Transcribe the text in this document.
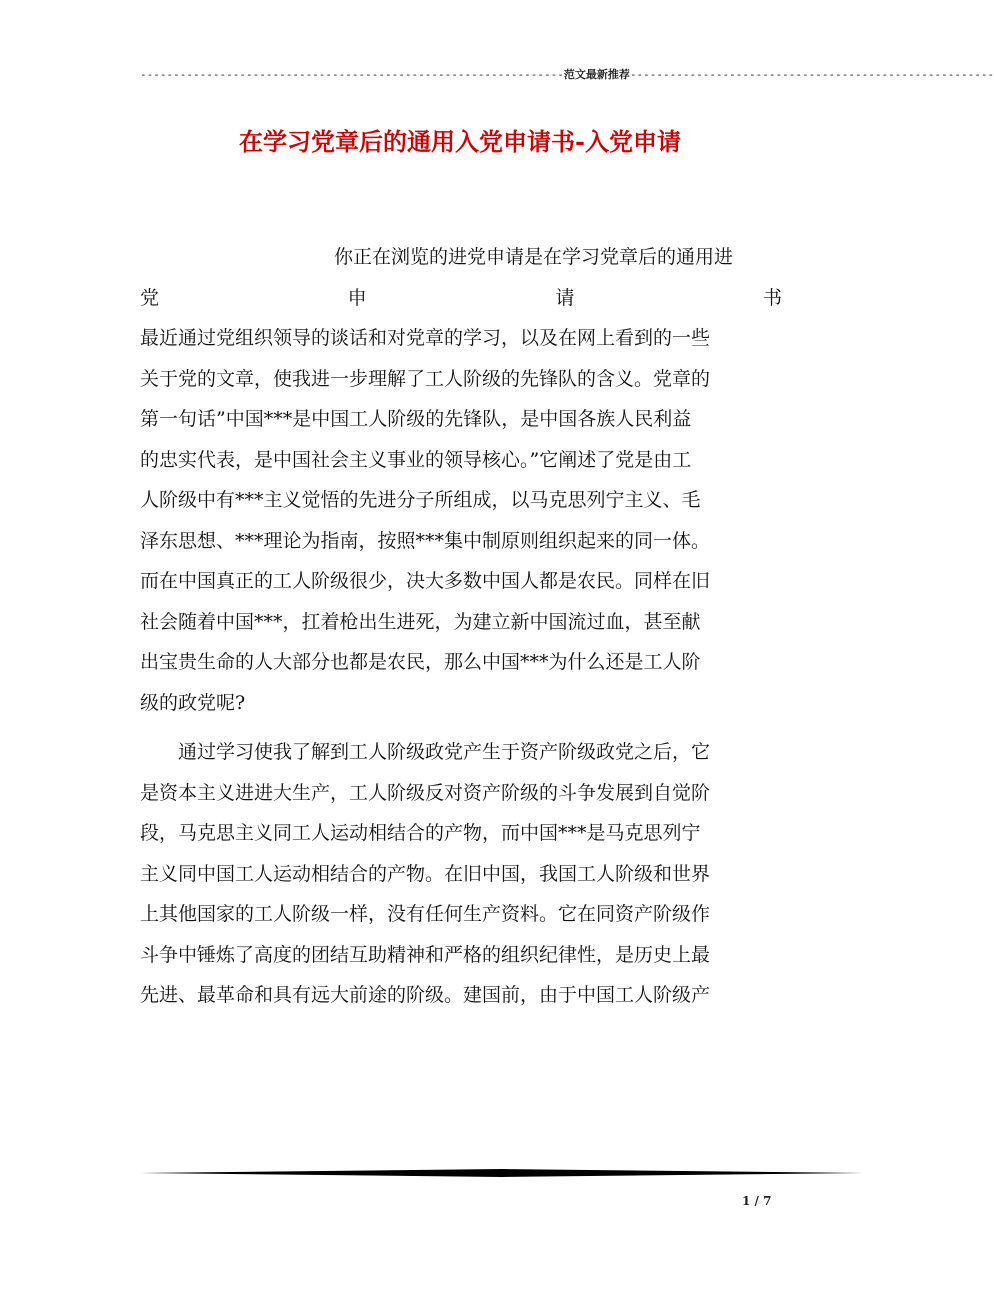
----------------------------------------------------------------范文最新推荐-------------------------------------------------------
在学习党章后的通用入党申请书-入党申请
你正在浏览的进党申请是在学习党章后的通用进
党	申	请	书
最近通过党组织领导的谈话和对党章的学习，以及在网上看到的一些
关于党的文章，使我进一步理解了工人阶级的先锋队的含义。党章的
第一句话”中国***是中国工人阶级的先锋队，是中国各族人民利益
的忠实代表，是中国社会主义事业的领导核心。”它阐述了党是由工
人阶级中有***主义觉悟的先进分子所组成，以马克思列宁主义、毛
泽东思想、***理论为指南，按照***集中制原则组织起来的同一体。
而在中国真正的工人阶级很少，决大多数中国人都是农民。同样在旧
社会随着中国***，扛着枪出生进死，为建立新中国流过血，甚至献
出宝贵生命的人大部分也都是农民，那么中国***为什么还是工人阶
级的政党呢?
通过学习使我了解到工人阶级政党产生于资产阶级政党之后，它
是资本主义进进大生产，工人阶级反对资产阶级的斗争发展到自觉阶
段，马克思主义同工人运动相结合的产物，而中国***是马克思列宁
主义同中国工人运动相结合的产物。在旧中国，我国工人阶级和世界
上其他国家的工人阶级一样，没有任何生产资料。它在同资产阶级作
斗争中锤炼了高度的团结互助精神和严格的组织纪律性，是历史上最
先进、最革命和具有远大前途的阶级。建国前，由于中国工人阶级产
1 / 7
